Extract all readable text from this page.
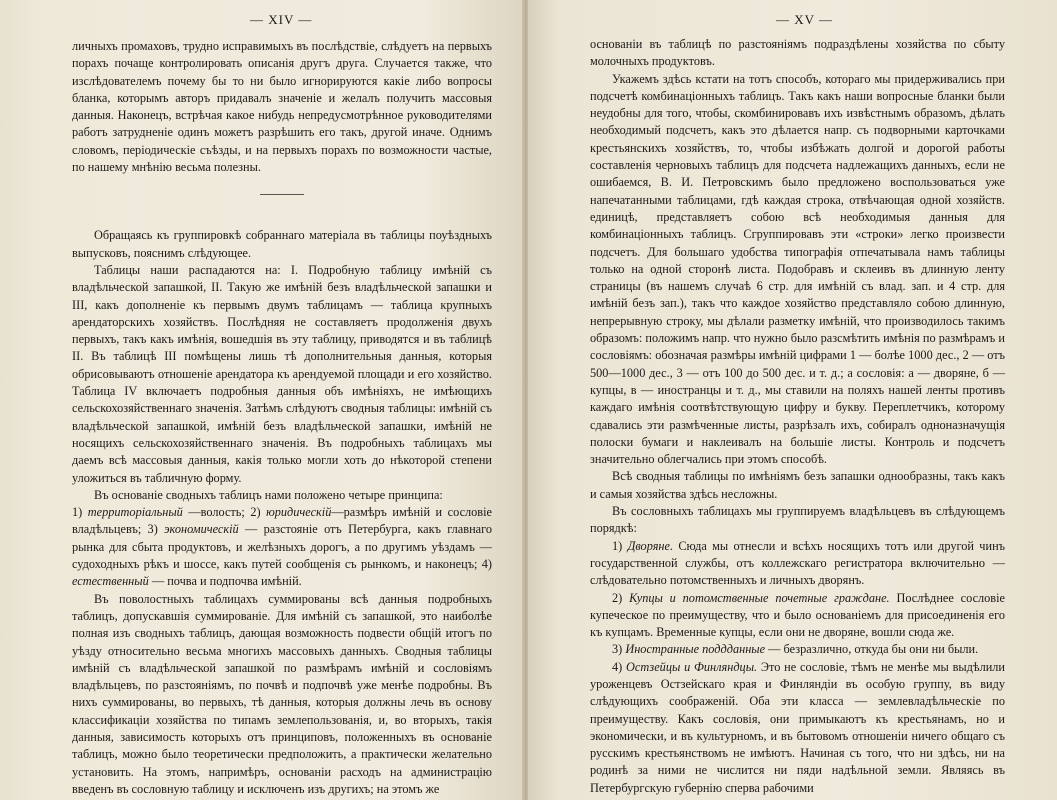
— XIV —

личныхъ промаховъ, трудно исправимыхъ въ послѣдствіе, слѣдуетъ на первыхъ порахъ почаще контролировать описанія другъ друга. Случается также, что изслѣдователемъ почему бы то ни было игнорируются какіе либо вопросы бланка, которымъ авторъ придавалъ значеніе и желалъ получить массовыя данныя. Наконецъ, встрѣчая какое нибудь непредусмотрѣнное руководителями работъ затрудненіе одинъ можетъ разрѣшить его такъ, другой иначе. Однимъ словомъ, періодическіе съѣзды, и на первыхъ порахъ по возможности частые, по нашему мнѣнію весьма полезны.

Обращаясь къ группировкѣ собраннаго матеріала въ таблицы поуѣздныхъ выпусковъ, пояснимъ слѣдующее.

Таблицы наши распадаются на: I. Подробную таблицу имѣній съ владѣльческой запашкой, II. Такую же имѣній безъ владѣльческой запашки и III, какъ дополненіе къ первымъ двумъ таблицамъ — таблица крупныхъ арендаторскихъ хозяйствъ. Послѣдняя не составляетъ продолженія двухъ первыхъ, такъ какъ имѣнія, вошедшія въ эту таблицу, приводятся и въ таблицѣ II. Въ таблицѣ III помѣщены лишь тѣ дополнительныя данныя, которыя обрисовываютъ отношеніе арендатора къ арендуемой площади и его хозяйство. Таблица IV включаетъ подробныя данныя объ имѣніяхъ, не имѣющихъ сельскохозяйственнаго значенія. Затѣмъ слѣдуютъ сводныя таблицы: имѣній съ владѣльческой запашкой, имѣній безъ владѣльческой запашки, имѣній не носящихъ сельскохозяйственнаго значенія. Въ подробныхъ таблицахъ мы даемъ всѣ массовыя данныя, какія только могли хоть до нѣкоторой степени уложиться въ табличную форму.

Въ основаніе сводныхъ таблицъ нами положено четыре принципа:

1) территоріальный —волость; 2) юридическій—размѣръ имѣній и сословіе владѣльцевъ; 3) экономическій — разстояніе отъ Петербурга, какъ главнаго рынка для сбыта продуктовъ, и желѣзныхъ дорогъ, а по другимъ уѣздамъ — судоходныхъ рѣкъ и шоссе, какъ путей сообщенія съ рынкомъ, и наконецъ; 4) естественный — почва и подпочва имѣній.

Въ поволостныхъ таблицахъ суммированы всѣ данныя подробныхъ таблицъ, допускавшія суммированіе. Для имѣній съ запашкой, это наиболѣе полная изъ сводныхъ таблицъ, дающая возможность подвести общій итогъ по уѣзду относительно весьма многихъ массовыхъ данныхъ. Сводныя таблицы имѣній съ владѣльческой запашкой по размѣрамъ имѣній и сословіямъ владѣльцевъ, по разстояніямъ, по почвѣ и подпочвѣ уже менѣе подробны. Въ нихъ суммированы, во первыхъ, тѣ данныя, которыя должны лечь въ основу классификаціи хозяйства по типамъ землепользованія, и, во вторыхъ, такія данныя, зависимость которыхъ отъ принциповъ, положенныхъ въ основаніе таблицъ, можно было теоретически предположить, а практически желательно установить. На этомъ, напримѣръ, основаніи расходъ на администрацію введенъ въ сословную таблицу и исключенъ изъ другихъ; на этомъ же

— XV —

основаніи въ таблицѣ по разстояніямъ подраздѣлены хозяйства по сбыту молочныхъ продуктовъ.

Укажемъ здѣсь кстати на тотъ способъ, котораго мы придерживались при подсчетѣ комбинаціонныхъ таблицъ. Такъ какъ наши вопросные бланки были неудобны для того, чтобы, скомбинировавъ ихъ извѣстнымъ образомъ, дѣлать необходимый подсчетъ, какъ это дѣлается напр. съ подворными карточками крестьянскихъ хозяйствъ, то, чтобы избѣжать долгой и дорогой работы составленія черновыхъ таблицъ для подсчета надлежащихъ данныхъ, если не ошибаемся, В. И. Петровскимъ было предложено воспользоваться уже напечатанными таблицами, гдѣ каждая строка, отвѣчающая одной хозяйств. единицѣ, представляетъ собою всѣ необходимыя данныя для комбинаціонныхъ таблицъ. Сгруппировавъ эти «строки» легко произвести подсчетъ. Для большаго удобства типографія отпечатывала намъ таблицы только на одной сторонѣ листа. Подобравъ и склеивъ въ длинную ленту страницы (въ нашемъ случаѣ 6 стр. для имѣній съ влад. зап. и 4 стр. для имѣній безъ зап.), такъ что каждое хозяйство представляло собою длинную, непрерывную строку, мы дѣлали разметку имѣній, что производилось такимъ образомъ: положимъ напр. что нужно было разсмѣтить имѣнія по размѣрамъ и сословіямъ: обозначая размѣры имѣній цифрами 1 — болѣе 1000 дес., 2 — отъ 500—1000 дес., 3 — отъ 100 до 500 дес. и т. д.; а сословія: а — дворяне, б — купцы, в — иностранцы и т. д., мы ставили на поляхъ нашей ленты противъ каждаго имѣнія соотвѣтствующую цифру и букву. Переплетчикъ, которому сдавались эти размѣченные листы, разрѣзалъ ихъ, собиралъ одноназначущія полоски бумаги и наклеивалъ на большіе листы. Контроль и подсчетъ значительно облегчались при этомъ способѣ.

Всѣ сводныя таблицы по имѣніямъ безъ запашки однообразны, такъ какъ и самыя хозяйства здѣсь несложны.

Въ сословныхъ таблицахъ мы группируемъ владѣльцевъ въ слѣдующемъ порядкѣ:

1) Дворяне. Сюда мы отнесли и всѣхъ носящихъ тотъ или другой чинъ государственной службы, отъ коллежскаго регистратора включительно — слѣдовательно потомственныхъ и личныхъ дворянъ.

2) Купцы и потомственные почетные граждане. Послѣднее сословіе купеческое по преимуществу, что и было основаніемъ для присоединенія его къ купцамъ. Временные купцы, если они не дворяне, вошли сюда же.

3) Иностранные поддданные — безразлично, откуда бы они ни были.

4) Остзейцы и Финляндцы. Это не сословіе, тѣмъ не менѣе мы выдѣлили уроженцевъ Остзейскаго края и Финляндіи въ особую группу, въ виду слѣдующихъ соображеній. Оба эти класса — землевладѣльческіе по преимуществу. Какъ сословія, они примыкаютъ къ крестьянамъ, но и экономически, и въ культурномъ, и въ бытовомъ отношеніи ничего общаго съ русскимъ крестьянствомъ не имѣютъ. Начиная съ того, что ни здѣсь, ни на родинѣ за ними не числится ни пяди надѣльной земли. Являясь въ Петербургскую губернію сперва рабочими
